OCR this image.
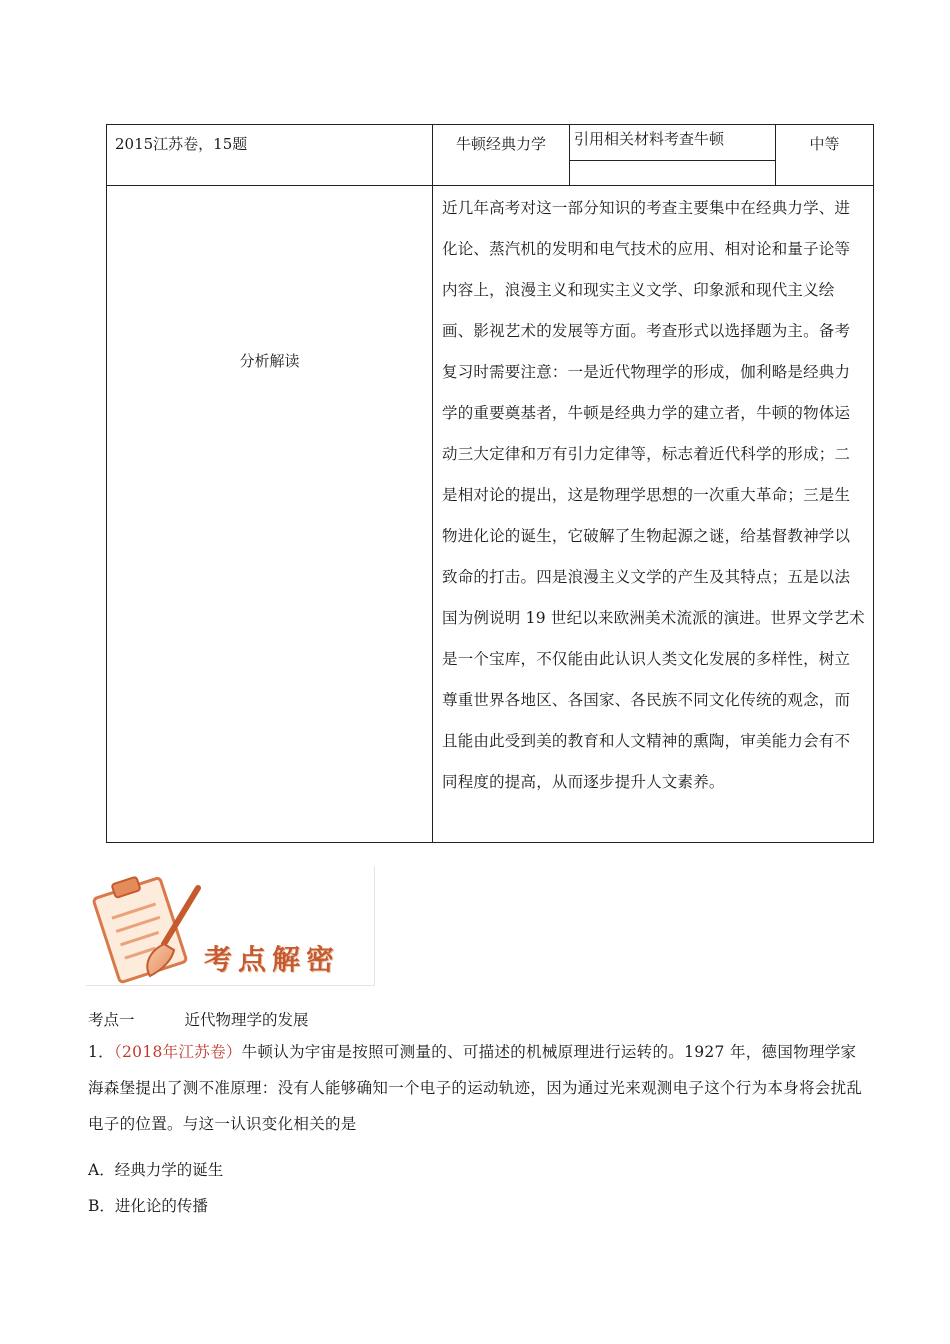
2015江苏卷，15题	牛顿经典力学	引用相关材料考查牛顿	中等
分析解读	近几年高考对这一部分知识的考查主要集中在经典力学、进化论、蒸汽机的发明和电气技术的应用、相对论和量子论等内容上，浪漫主义和现实主义文学、印象派和现代主义绘画、影视艺术的发展等方面。考查形式以选择题为主。备考复习时需要注意：一是近代物理学的形成，伽利略是经典力学的重要奠基者，牛顿是经典力学的建立者，牛顿的物体运动三大定律和万有引力定律等，标志着近代科学的形成；二是相对论的提出，这是物理学思想的一次重大革命；三是生物进化论的诞生，它破解了生物起源之谜，给基督教神学以致命的打击。四是浪漫主义文学的产生及其特点；五是以法国为例说明 19 世纪以来欧洲美术流派的演进。世界文学艺术是一个宝库，不仅能由此认识人类文化发展的多样性，树立尊重世界各地区、各国家、各民族不同文化传统的观念，而且能由此受到美的教育和人文精神的熏陶，审美能力会有不同程度的提高，从而逐步提升人文素养。		
考点解密
考点一	近代物理学的发展
1．（2018年江苏卷）牛顿认为宇宙是按照可测量的、可描述的机械原理进行运转的。1927 年，德国物理学家海森堡提出了测不准原理：没有人能够确知一个电子的运动轨迹，因为通过光来观测电子这个行为本身将会扰乱电子的位置。与这一认识变化相关的是
A．经典力学的诞生
B．进化论的传播
